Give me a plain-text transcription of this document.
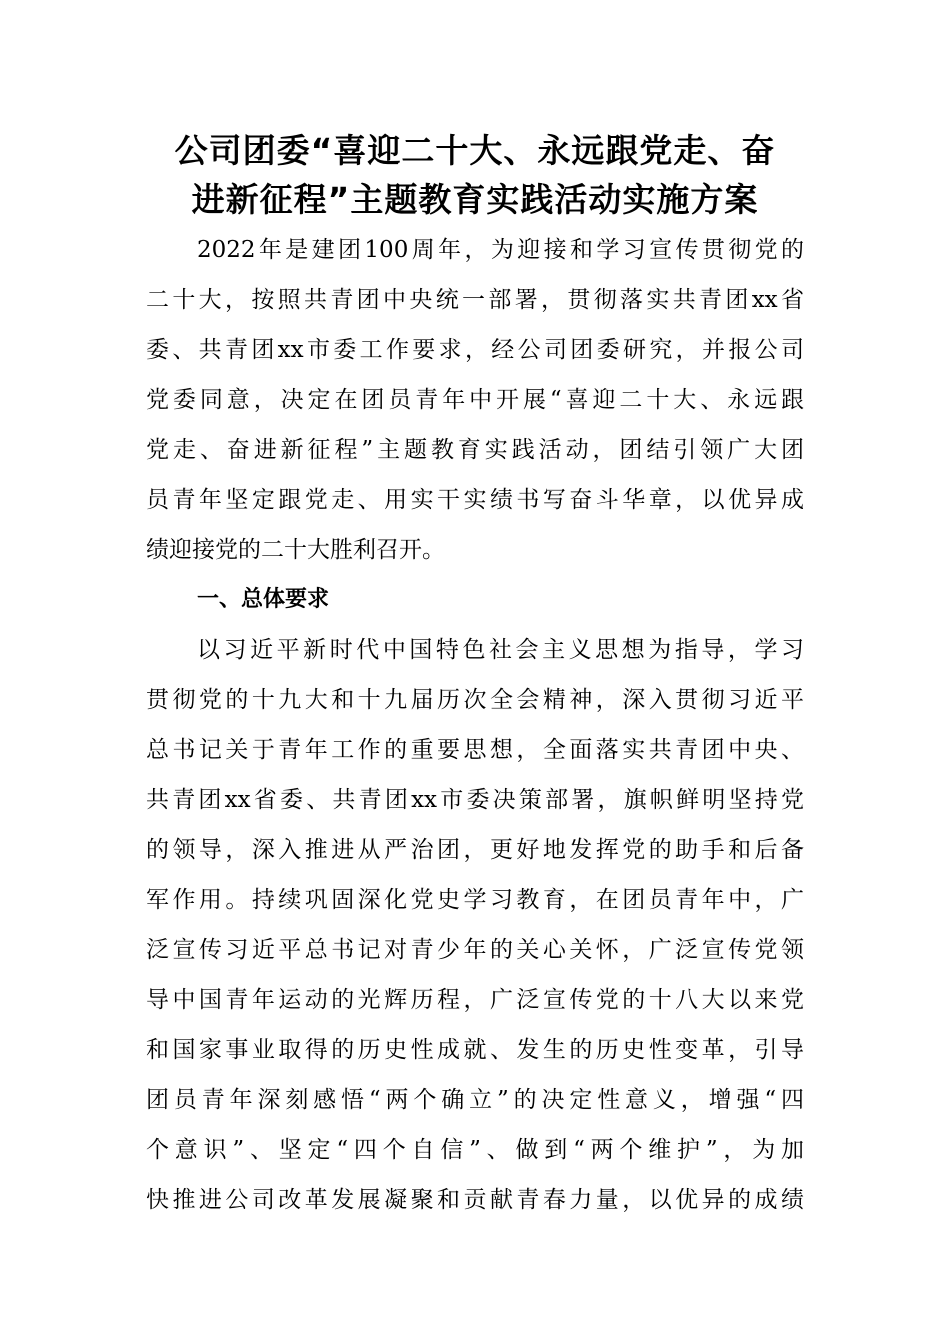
公司团委“喜迎二十大、永远跟党走、奋
进新征程”主题教育实践活动实施方案
2022年是建团100周年，为迎接和学习宣传贯彻党的
二十大，按照共青团中央统一部署，贯彻落实共青团xx省
委、共青团xx市委工作要求，经公司团委研究，并报公司
党委同意，决定在团员青年中开展“喜迎二十大、永远跟
党走、奋进新征程”主题教育实践活动，团结引领广大团
员青年坚定跟党走、用实干实绩书写奋斗华章，以优异成
绩迎接党的二十大胜利召开。
一、总体要求
以习近平新时代中国特色社会主义思想为指导，学习
贯彻党的十九大和十九届历次全会精神，深入贯彻习近平
总书记关于青年工作的重要思想，全面落实共青团中央、
共青团xx省委、共青团xx市委决策部署，旗帜鲜明坚持党
的领导，深入推进从严治团，更好地发挥党的助手和后备
军作用。持续巩固深化党史学习教育，在团员青年中，广
泛宣传习近平总书记对青少年的关心关怀，广泛宣传党领
导中国青年运动的光辉历程，广泛宣传党的十八大以来党
和国家事业取得的历史性成就、发生的历史性变革，引导
团员青年深刻感悟“两个确立”的决定性意义，增强“四
个意识”、坚定“四个自信”、做到“两个维护”，为加
快推进公司改革发展凝聚和贡献青春力量，以优异的成绩
